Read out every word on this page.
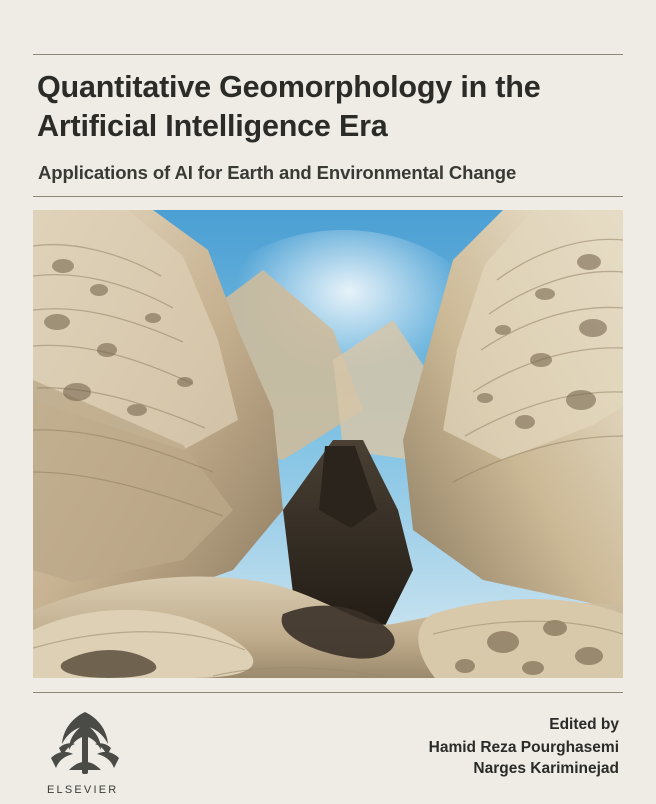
Quantitative Geomorphology in the
Artificial Intelligence Era
Applications of AI for Earth and Environmental Change
ELSEVIER
Edited by
Hamid Reza Pourghasemi
Narges Kariminejad
